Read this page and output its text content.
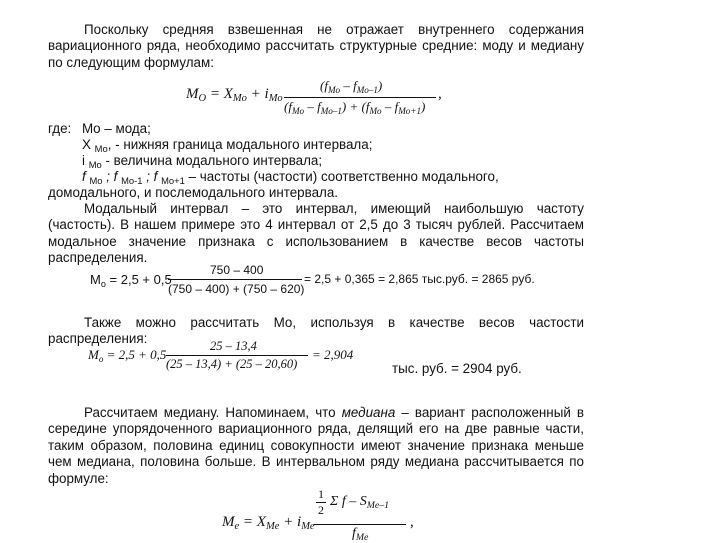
Поскольку средняя взвешенная не отражает внутреннего содержания вариационного ряда, необходимо рассчитать структурные средние: моду и медиану по следующим формулам:
$M_O = X_{Mo} + i_{Mo}$
$(f_{Mo} - f_{Mo-1})$
$(f_{Mo} - f_{Mo-1}) + (f_{Mo} - f_{Mo+1})$
,
где: Mo – мода;
X $_{Mo}$, - нижняя граница модального интервала;
i $_{Mo}$ - величина модального интервала;
f $_{Mo}$ ; f $_{Mo-1}$ ; f $_{Mo+1}$ – частоты (частости) соответственно модального,
домодального, и послемодального интервала.
Модальный интервал – это интервал, имеющий наибольшую частоту (частость). В нашем примере это 4 интервал от 2,5 до 3 тысяч рублей. Рассчитаем модальное значение признака с использованием в качестве весов частоты распределения.
$M_o = 2,5 + 0,5$
750 – 400
(750 – 400) + (750 – 620)
= 2,5 + 0,365 = 2,865 тыс.руб. = 2865 руб.
Также можно рассчитать Мо, используя в качестве весов частости распределения:
$M_o = 2,5 + 0,5$
25 – 13,4
(25 – 13,4) + (25 – 20,60)
= 2,904
тыс. руб. = 2904 руб.
Рассчитаем медиану. Напоминаем, что медиана – вариант расположенный в середине упорядоченного вариационного ряда, делящий его на две равные части, таким образом, половина единиц совокупности имеют значение признака меньше чем медиана, половина больше. В интервальном ряду медиана рассчитывается по формуле:
1
2
Σ f – $S_{Me-1}$
$M_e = X_{Me} + i_{Me}$	$f_{Me}$
,
